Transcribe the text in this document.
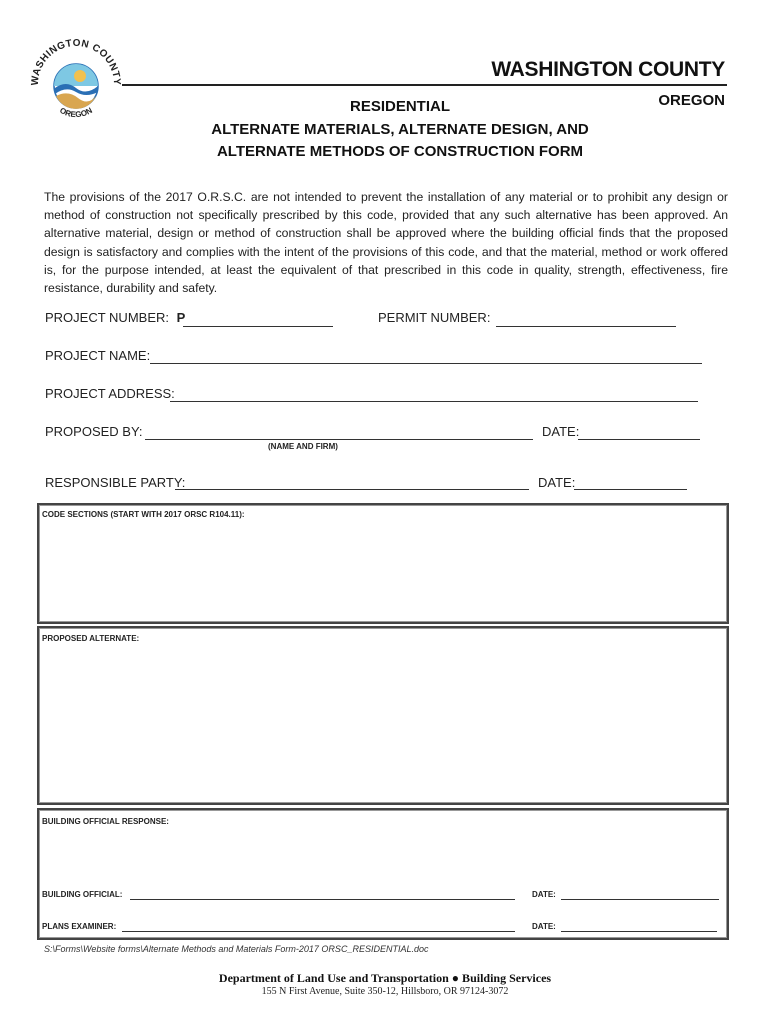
WASHINGTON COUNTY
OREGON
WASHINGTON COUNTY
OREGON
RESIDENTIAL
ALTERNATE MATERIALS, ALTERNATE DESIGN, AND
ALTERNATE METHODS OF CONSTRUCTION FORM
The provisions of the 2017 O.R.S.C. are not intended to prevent the installation of any material or to prohibit any design or method of construction not specifically prescribed by this code, provided that any such alternative has been approved. An alternative material, design or method of construction shall be approved where the building official finds that the proposed design is satisfactory and complies with the intent of the provisions of this code, and that the material, method or work offered is, for the purpose intended, at least the equivalent of that prescribed in this code in quality, strength, effectiveness, fire resistance, durability and safety.
PROJECT NUMBER: P	PERMIT NUMBER:
PROJECT NAME:
PROJECT ADDRESS:
PROPOSED BY:	DATE:
(NAME AND FIRM)
RESPONSIBLE PARTY:	DATE:
CODE SECTIONS (START WITH 2017 ORSC R104.11):
PROPOSED ALTERNATE:
BUILDING OFFICIAL RESPONSE:
BUILDING OFFICIAL:	DATE:
PLANS EXAMINER:	DATE:
S:\Forms\Website forms\Alternate Methods and Materials Form-2017 ORSC_RESIDENTIAL.doc
Department of Land Use and Transportation ● Building Services
155 N First Avenue, Suite 350-12, Hillsboro, OR 97124-3072
